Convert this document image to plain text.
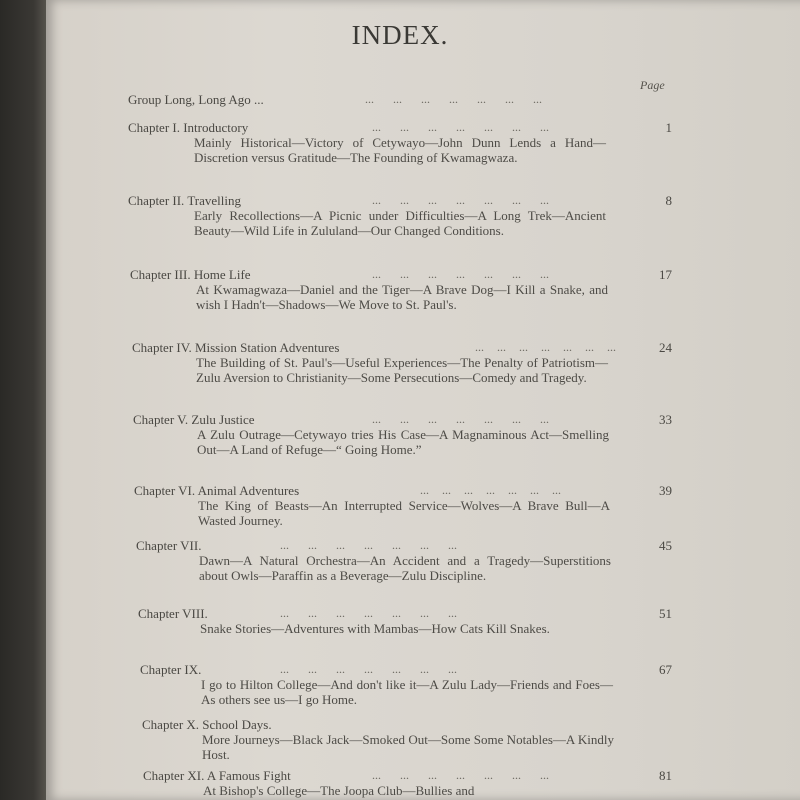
INDEX.
Page
Group Long, Long Ago ...	... ... ... ... ... ... ...
Chapter I. Introductory	... ... ... ... ... ... ...	1
Mainly Historical—Victory of Cetywayo—John Dunn Lends a Hand—Discretion versus Gratitude—The Founding of Kwamagwaza.
Chapter II. Travelling	... ... ... ... ... ... ...	8
Early Recollections—A Picnic under Difficulties—A Long Trek—Ancient Beauty—Wild Life in Zululand—Our Changed Conditions.
Chapter III. Home Life	... ... ... ... ... ... ...	17
At Kwamagwaza—Daniel and the Tiger—A Brave Dog—I Kill a Snake, and wish I Hadn't—Shadows—We Move to St. Paul's.
Chapter IV. Mission Station Adventures	... ... ... ... ... ... ...	24
The Building of St. Paul's—Useful Experiences—The Penalty of Patriotism—Zulu Aversion to Christianity—Some Persecutions—Comedy and Tragedy.
Chapter V. Zulu Justice	... ... ... ... ... ... ...	33
A Zulu Outrage—Cetywayo tries His Case—A Magnaminous Act—Smelling Out—A Land of Refuge—“ Going Home.”
Chapter VI. Animal Adventures	... ... ... ... ... ... ...	39
The King of Beasts—An Interrupted Service—Wolves—A Brave Bull—A Wasted Journey.
Chapter VII.	... ... ... ... ... ... ...	45
Dawn—A Natural Orchestra—An Accident and a Tragedy—Superstitions about Owls—Paraffin as a Beverage—Zulu Discipline.
Chapter VIII.	... ... ... ... ... ... ...	51
Snake Stories—Adventures with Mambas—How Cats Kill Snakes.
Chapter IX.	... ... ... ... ... ... ...	67
I go to Hilton College—And don't like it—A Zulu Lady—Friends and Foes—As others see us—I go Home.
Chapter X. School Days.
More Journeys—Black Jack—Smoked Out—Some Some Notables—A Kindly Host.
Chapter XI. A Famous Fight	... ... ... ... ... ... ...	81
At Bishop's College—The Joopa Club—Bullies and
